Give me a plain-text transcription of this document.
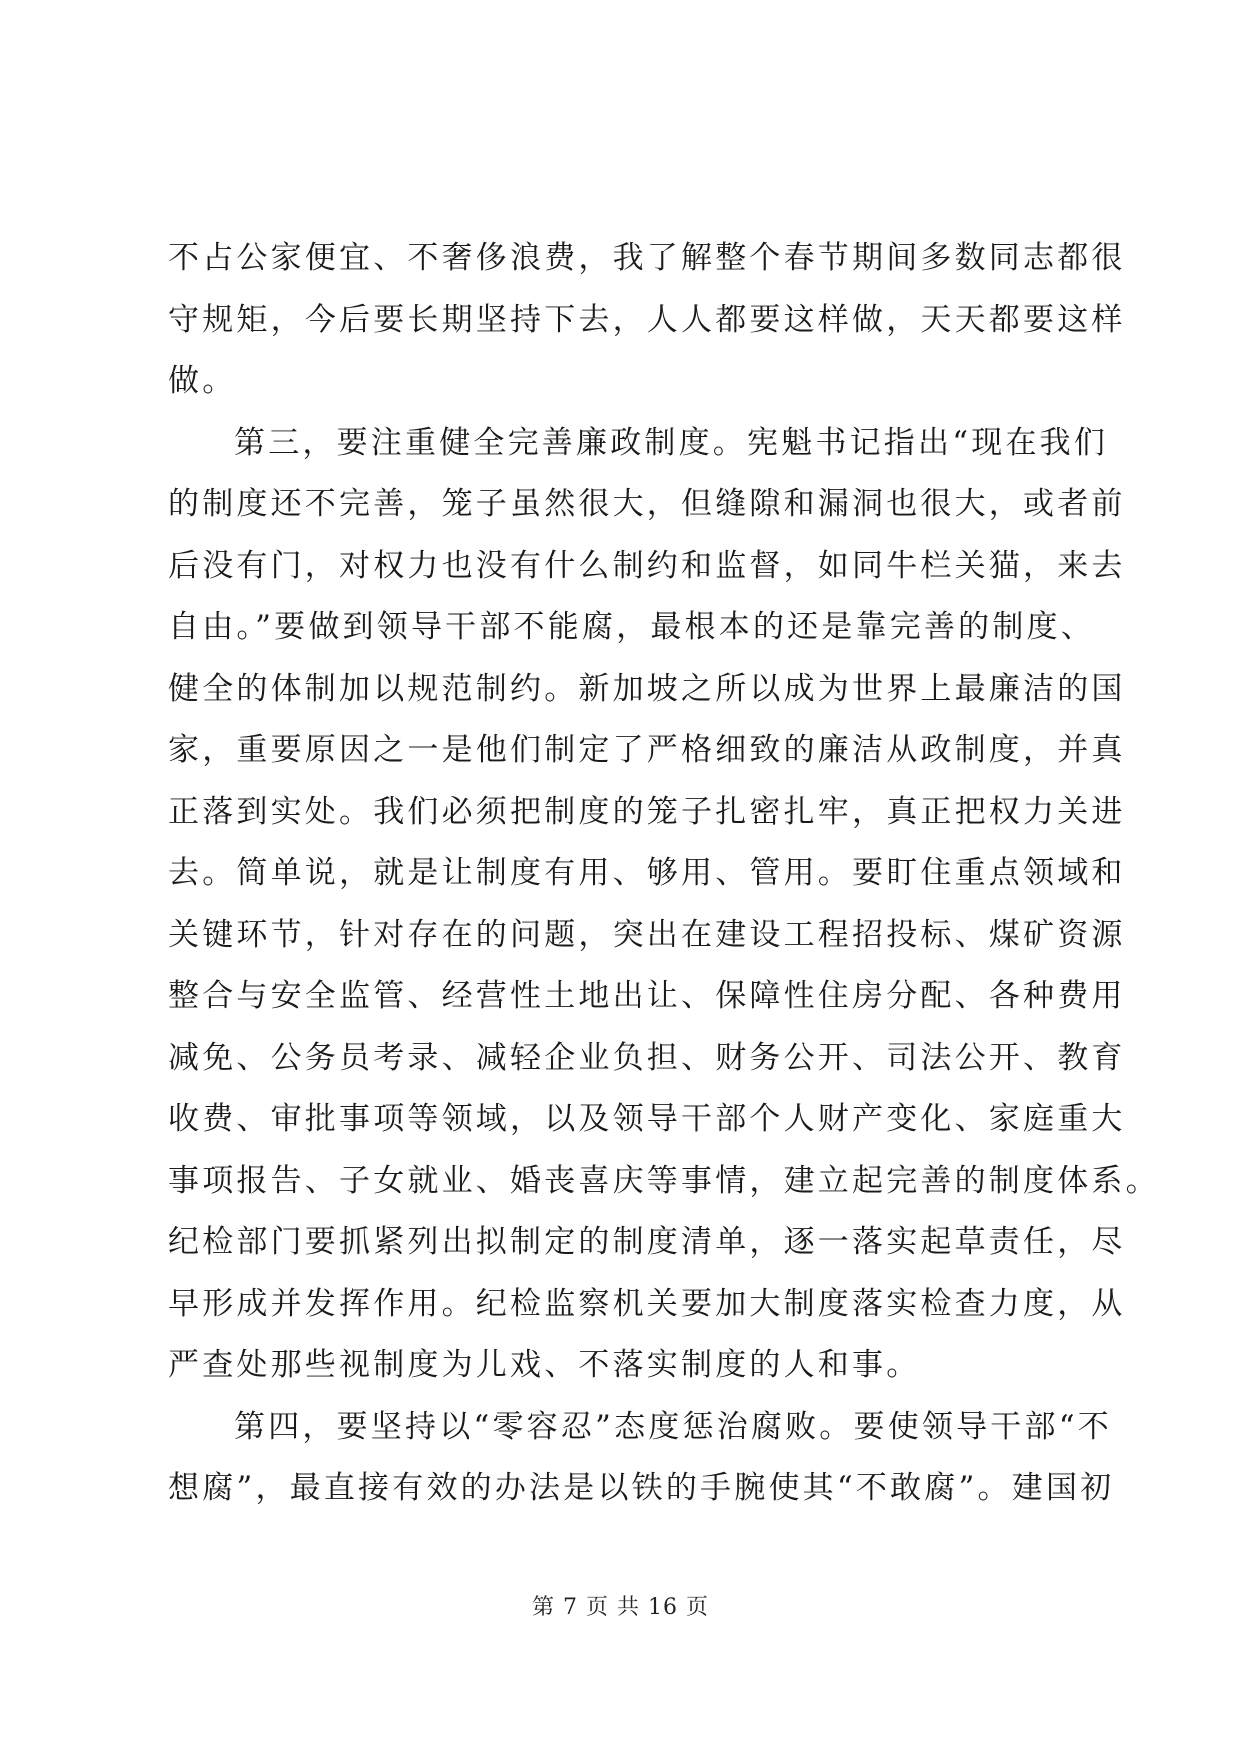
不占公家便宜、不奢侈浪费，我了解整个春节期间多数同志都很
守规矩，今后要长期坚持下去，人人都要这样做，天天都要这样
做。
第三，要注重健全完善廉政制度。宪魁书记指出“现在我们
的制度还不完善，笼子虽然很大，但缝隙和漏洞也很大，或者前
后没有门，对权力也没有什么制约和监督，如同牛栏关猫，来去
自由。”要做到领导干部不能腐，最根本的还是靠完善的制度、
健全的体制加以规范制约。新加坡之所以成为世界上最廉洁的国
家，重要原因之一是他们制定了严格细致的廉洁从政制度，并真
正落到实处。我们必须把制度的笼子扎密扎牢，真正把权力关进
去。简单说，就是让制度有用、够用、管用。要盯住重点领域和
关键环节，针对存在的问题，突出在建设工程招投标、煤矿资源
整合与安全监管、经营性土地出让、保障性住房分配、各种费用
减免、公务员考录、减轻企业负担、财务公开、司法公开、教育
收费、审批事项等领域，以及领导干部个人财产变化、家庭重大
事项报告、子女就业、婚丧喜庆等事情，建立起完善的制度体系。
纪检部门要抓紧列出拟制定的制度清单，逐一落实起草责任，尽
早形成并发挥作用。纪检监察机关要加大制度落实检查力度，从
严查处那些视制度为儿戏、不落实制度的人和事。
第四，要坚持以“零容忍”态度惩治腐败。要使领导干部“不
想腐”，最直接有效的办法是以铁的手腕使其“不敢腐”。建国初
第 7 页 共 16 页
